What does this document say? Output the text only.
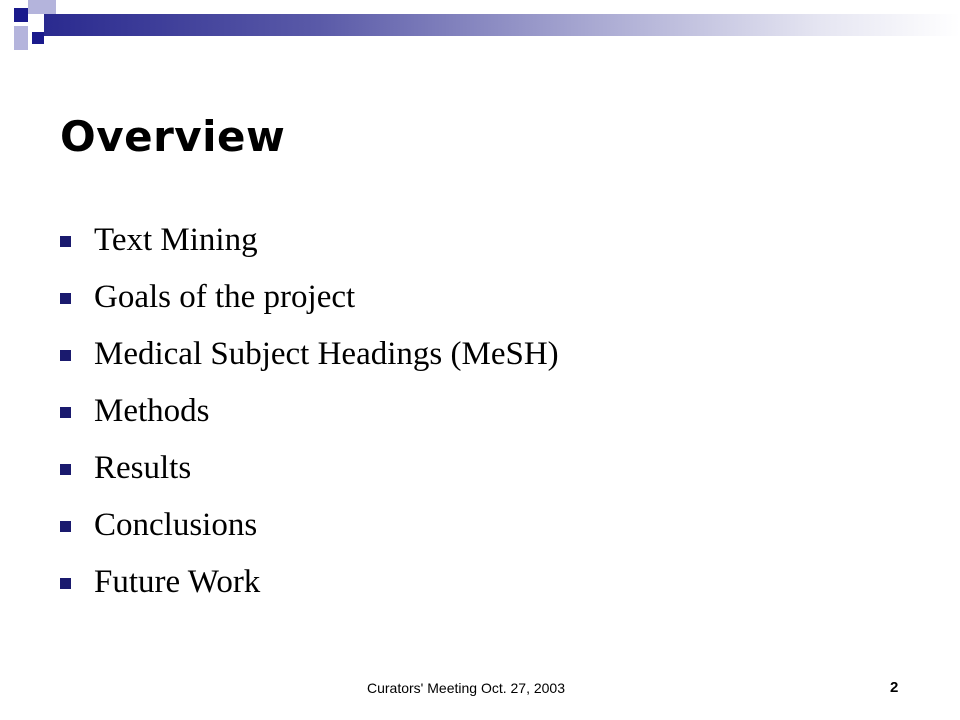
Overview
Text Mining
Goals of the project
Medical Subject Headings (MeSH)
Methods
Results
Conclusions
Future Work
Curators' Meeting Oct. 27, 2003	2
